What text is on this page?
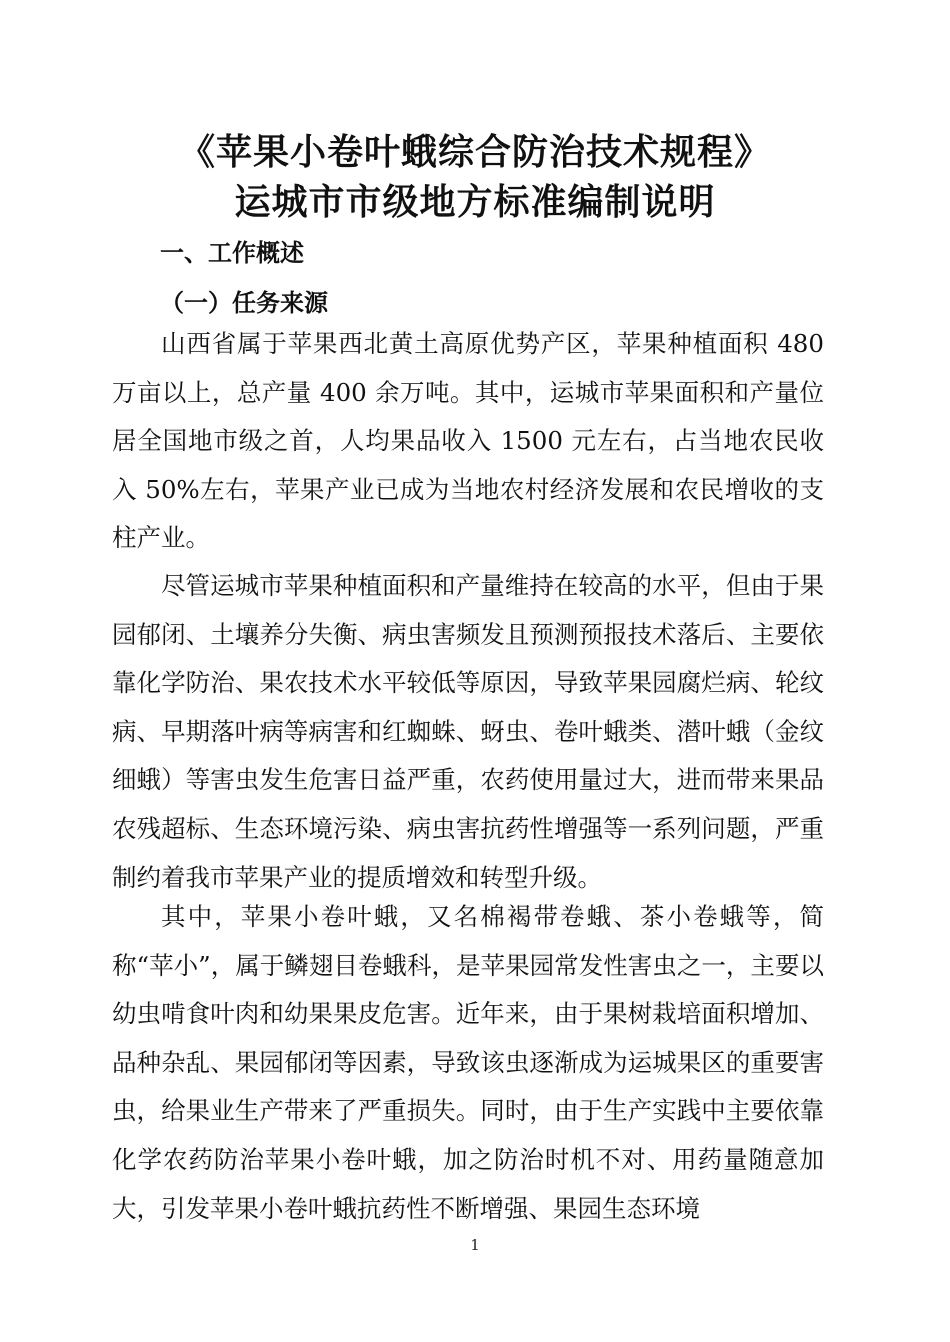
《苹果小卷叶蛾综合防治技术规程》
运城市市级地方标准编制说明
一、工作概述
（一）任务来源

山西省属于苹果西北黄土高原优势产区，苹果种植面积 480 万亩以上，总产量 400 余万吨。其中，运城市苹果面积和产量位居全国地市级之首，人均果品收入 1500 元左右，占当地农民收入 50%左右，苹果产业已成为当地农村经济发展和农民增收的支柱产业。

尽管运城市苹果种植面积和产量维持在较高的水平，但由于果园郁闭、土壤养分失衡、病虫害频发且预测预报技术落后、主要依靠化学防治、果农技术水平较低等原因，导致苹果园腐烂病、轮纹病、早期落叶病等病害和红蜘蛛、蚜虫、卷叶蛾类、潜叶蛾（金纹细蛾）等害虫发生危害日益严重，农药使用量过大，进而带来果品农残超标、生态环境污染、病虫害抗药性增强等一系列问题，严重制约着我市苹果产业的提质增效和转型升级。

其中，苹果小卷叶蛾，又名棉褐带卷蛾、茶小卷蛾等，简称“苹小”，属于鳞翅目卷蛾科，是苹果园常发性害虫之一，主要以幼虫啃食叶肉和幼果果皮危害。近年来，由于果树栽培面积增加、品种杂乱、果园郁闭等因素，导致该虫逐渐成为运城果区的重要害虫，给果业生产带来了严重损失。同时，由于生产实践中主要依靠化学农药防治苹果小卷叶蛾，加之防治时机不对、用药量随意加大，引发苹果小卷叶蛾抗药性不断增强、果园生态环境

1
